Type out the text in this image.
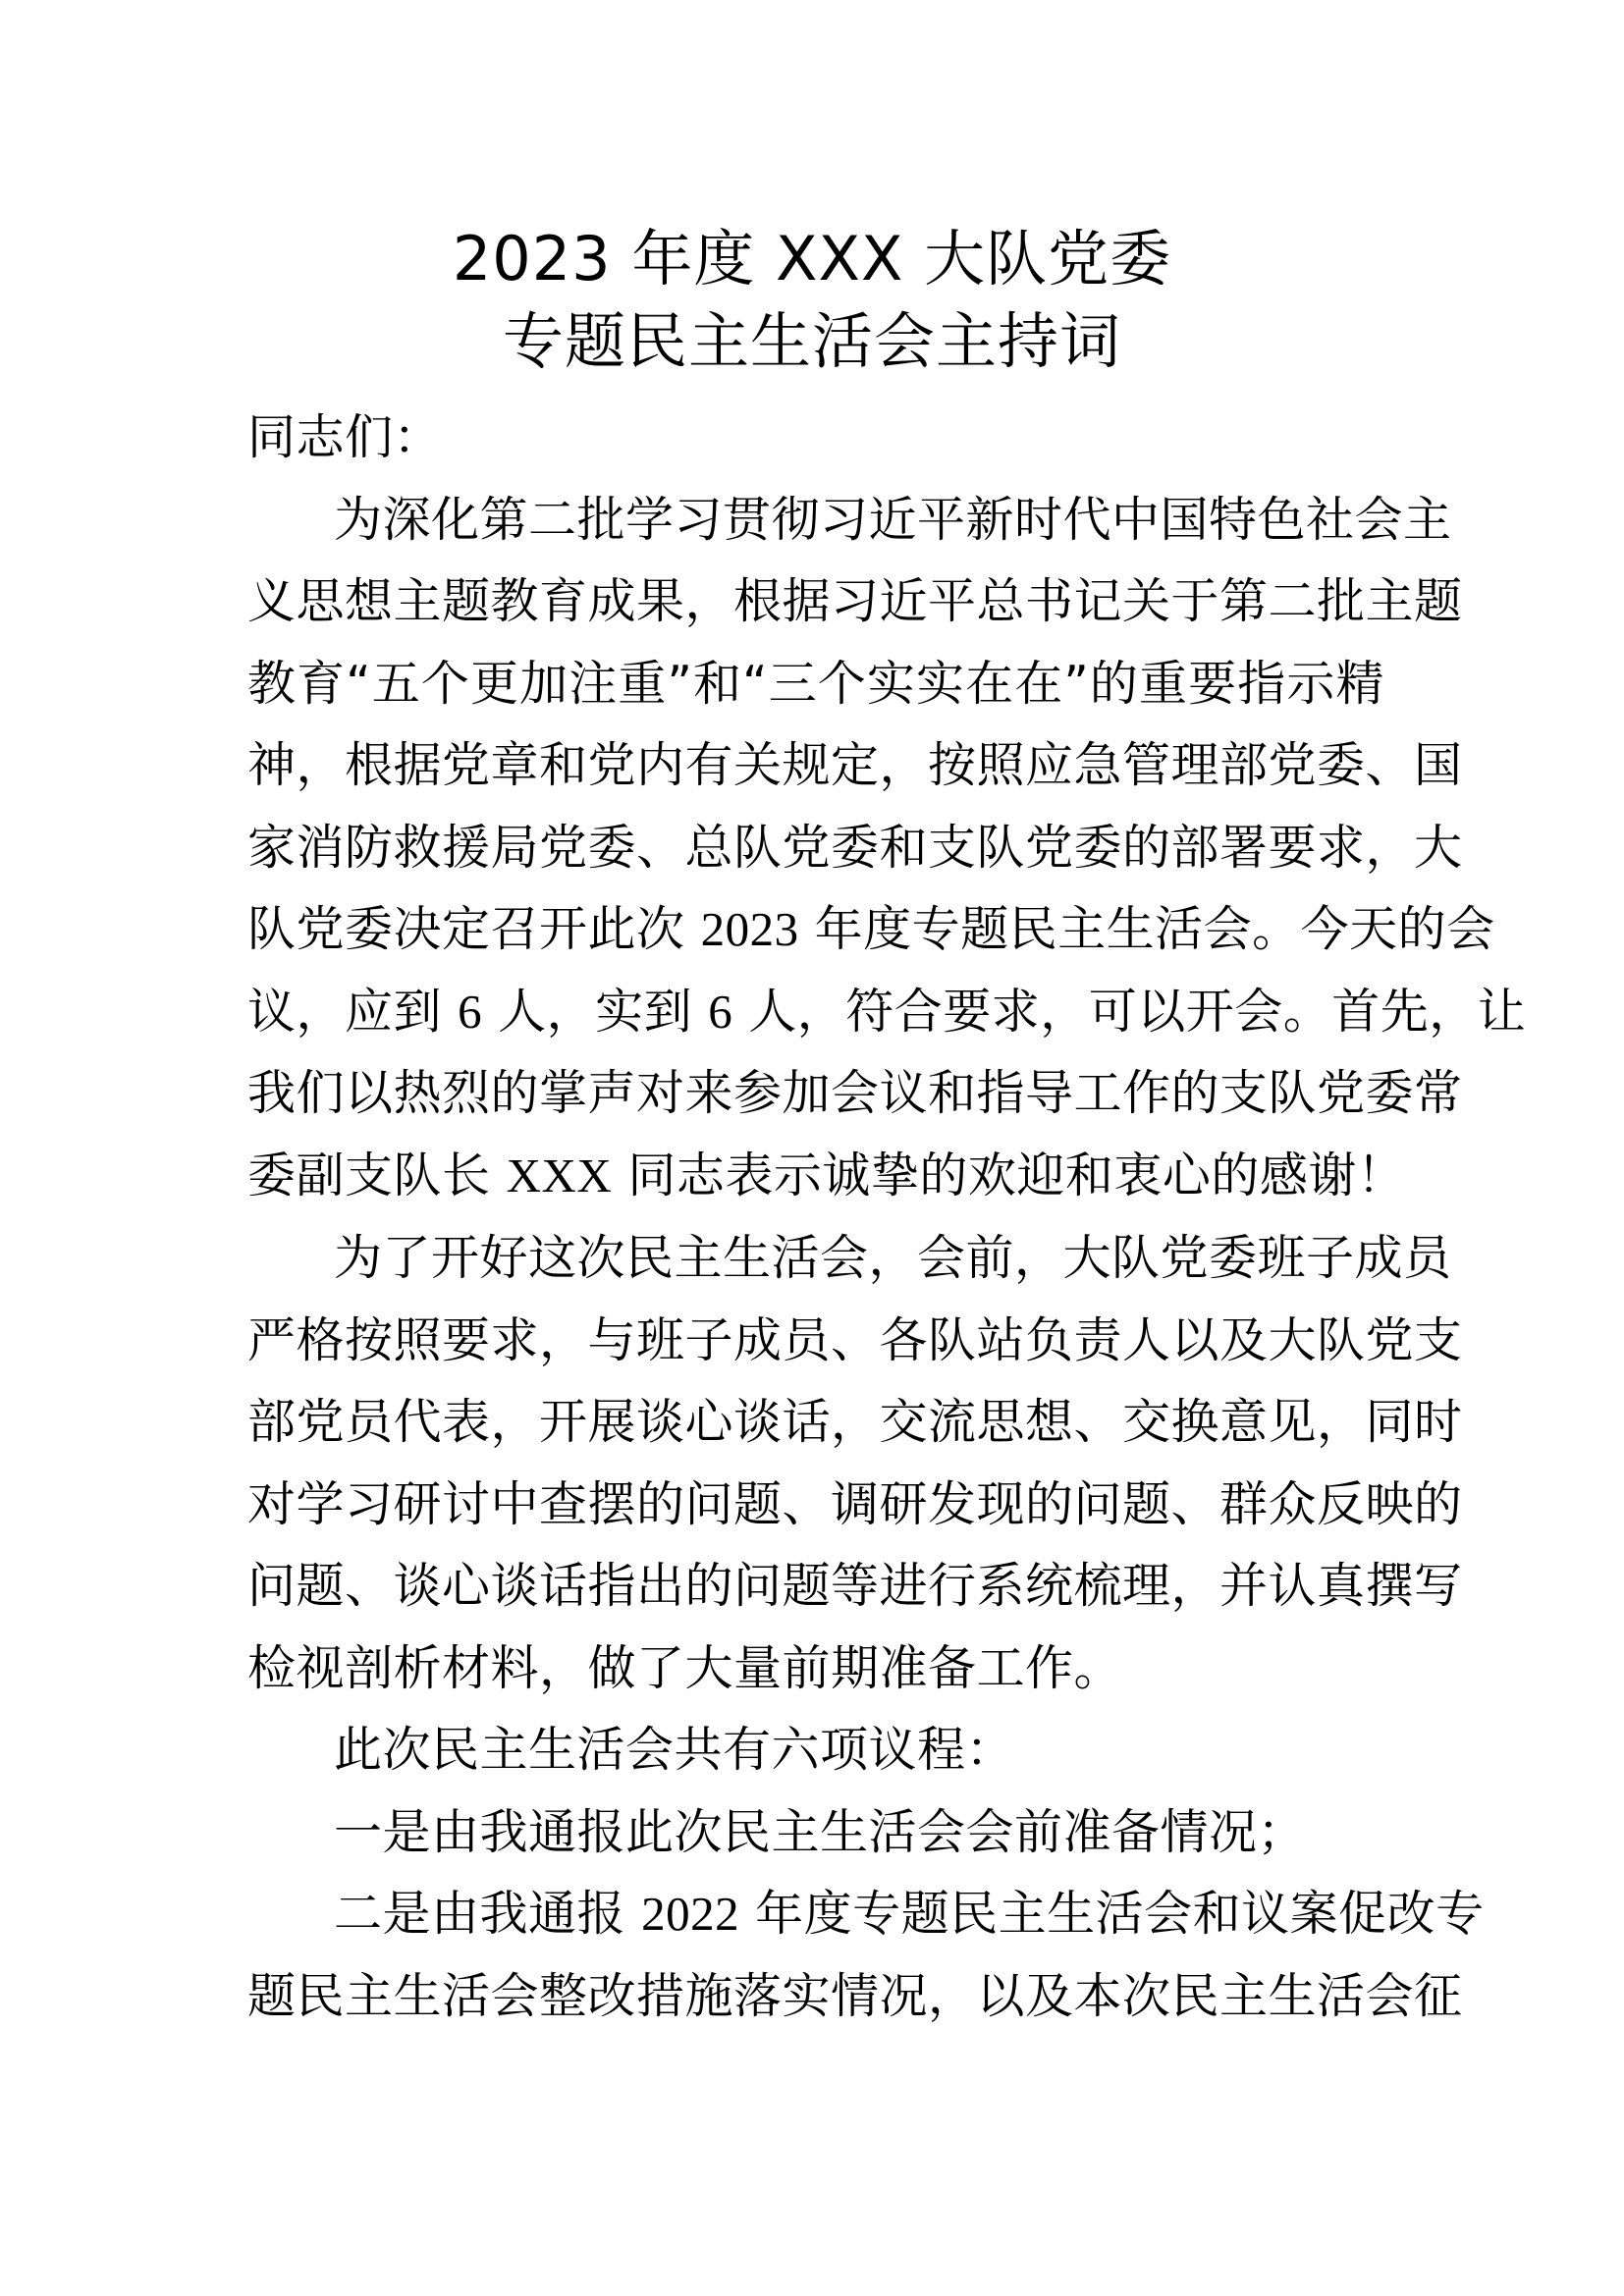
2023 年度 XXX 大队党委
专题民主生活会主持词
同志们：
为深化第二批学习贯彻习近平新时代中国特色社会主
义思想主题教育成果，根据习近平总书记关于第二批主题
教育“五个更加注重”和“三个实实在在”的重要指示精
神，根据党章和党内有关规定，按照应急管理部党委、国
家消防救援局党委、总队党委和支队党委的部署要求，大
队党委决定召开此次 2023 年度专题民主生活会。今天的会
议，应到 6 人，实到 6 人，符合要求，可以开会。首先，让
我们以热烈的掌声对来参加会议和指导工作的支队党委常
委副支队长 XXX 同志表示诚挚的欢迎和衷心的感谢！
为了开好这次民主生活会，会前，大队党委班子成员
严格按照要求，与班子成员、各队站负责人以及大队党支
部党员代表，开展谈心谈话，交流思想、交换意见，同时
对学习研讨中查摆的问题、调研发现的问题、群众反映的
问题、谈心谈话指出的问题等进行系统梳理，并认真撰写
检视剖析材料，做了大量前期准备工作。
此次民主生活会共有六项议程：
一是由我通报此次民主生活会会前准备情况；
二是由我通报 2022 年度专题民主生活会和议案促改专
题民主生活会整改措施落实情况，以及本次民主生活会征
